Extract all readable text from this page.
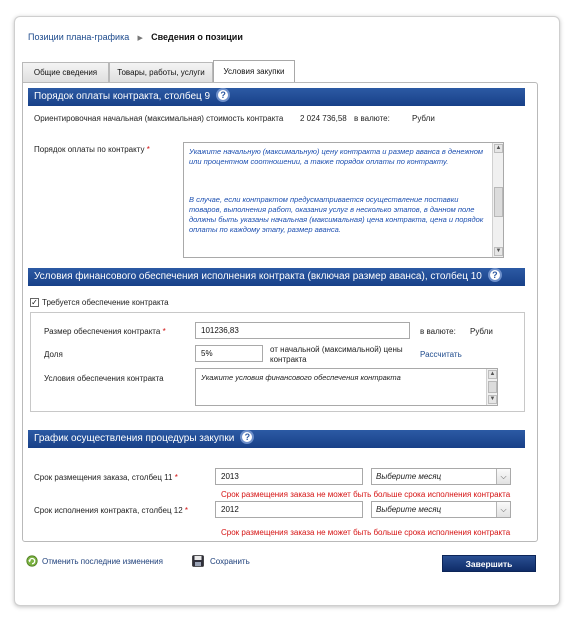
Позиции плана-графика ▶ Сведения о позиции
Общие сведения	Товары, работы, услуги	Условия закупки
Порядок оплаты контракта, столбец 9 ?
Ориентировочная начальная (максимальная) стоимость контракта 2 024 736,58 в валюте:	Рубли
Порядок оплаты по контракту *	Укажите начальную (максимальную) цену контракта и размер аванса в денежном или процентном соотношении, а также порядок оплаты по контракту.
В случае, если контрактом предусматривается осуществление поставки товаров, выполнения работ, оказания услуг в несколько этапов, в данном поле должны быть указаны начальная (максимальная) цена контракта, цена и порядок оплаты по каждому этапу, размер аванса.
▲
▼
Условия финансового обеспечения исполнения контракта (включая размер аванса), столбец 10 ?
✓ Требуется обеспечение контракта
Размер обеспечения контракта *	101236,83	в валюте: Рубли
Доля	5%	от начальной (максимальной) цены контракта
Рассчитать
Условия обеспечения контракта	Укажите условия финансового обеспечения контракта	▲
▼
График осуществления процедуры закупки ?
Срок размещения заказа, столбец 11 *	2013	Выберите месяц	⌵
Срок размещения заказа не может быть больше срока исполнения контракта
Срок исполнения контракта, столбец 12 *	2012	Выберите месяц	⌵
Срок размещения заказа не может быть больше срока исполнения контракта
Отменить последние изменения	Сохранить	Завершить
